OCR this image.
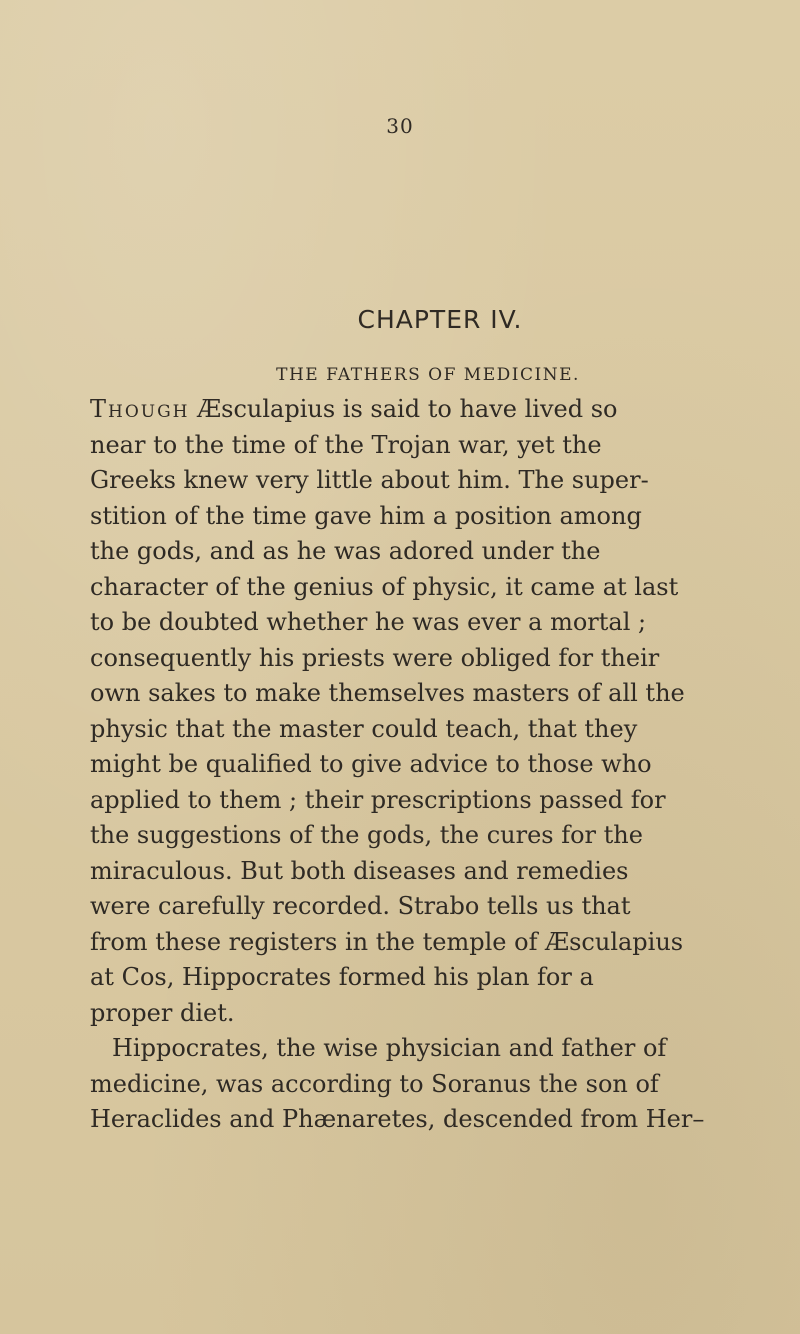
30
CHAPTER IV.
THE FATHERS OF MEDICINE.
Though Æsculapius is said to have lived so
near to the time of the Trojan war, yet the
Greeks knew very little about him. The super-
stition of the time gave him a position among
the gods, and as he was adored under the
character of the genius of physic, it came at last
to be doubted whether he was ever a mortal ;
consequently his priests were obliged for their
own sakes to make themselves masters of all the
physic that the master could teach, that they
might be qualified to give advice to those who
applied to them ; their prescriptions passed for
the suggestions of the gods, the cures for the
miraculous. But both diseases and remedies
were carefully recorded. Strabo tells us that
from these registers in the temple of Æsculapius
at Cos, Hippocrates formed his plan for a
proper diet.
Hippocrates, the wise physician and father of
medicine, was according to Soranus the son of
Heraclides and Phænaretes, descended from Her–
